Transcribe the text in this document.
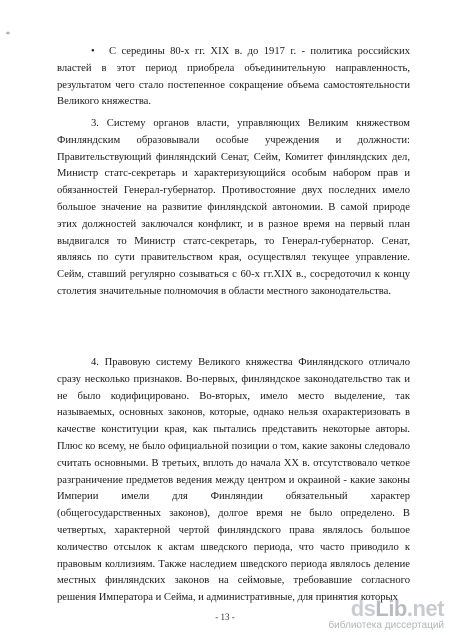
*

• С середины 80-х гг. XIX в. до 1917 г. - политика российских властей в этот период приобрела объединительную направленность, результатом чего стало постепенное сокращение объема самостоятельности Великого княжества.

3. Систему органов власти, управляющих Великим княжеством Финляндским образовывали особые учреждения и должности: Правительствующий финляндский Сенат, Сейм, Комитет финляндских дел, Министр статс-секретарь и характеризующийся особым набором прав и обязанностей Генерал-губернатор. Противостояние двух последних имело большое значение на развитие финляндской автономии. В самой природе этих должностей заключался конфликт, и в разное время на первый план выдвигался то Министр статс-секретарь, то Генерал-губернатор. Сенат, являясь по сути правительством края, осуществлял текущее управление. Сейм, ставший регулярно созываться с 60-х гг.XIX в., сосредоточил к концу столетия значительные полномочия в области местного законодательства.

4. Правовую систему Великого княжества Финляндского отличало сразу несколько признаков. Во-первых, финляндское законодательство так и не было кодифицировано. Во-вторых, имело место выделение, так называемых, основных законов, которые, однако нельзя охарактеризовать в качестве конституции края, как пытались представить некоторые авторы. Плюс ко всему, не было официальной позиции о том, какие законы следовало считать основными. В третьих, вплоть до начала XX в. отсутствовало четкое разграничение предметов ведения между центром и окраиной - какие законы Империи имели для Финляндии обязательный характер (общегосударственных законов), долгое время не было определено. В четвертых, характерной чертой финляндского права являлось большое количество отсылок к актам шведского периода, что часто приводило к правовым коллизиям. Также наследием шведского периода являлось деление местных финляндских законов на сеймовые, требовавшие согласного решения Императора и Сейма, и административные, для принятия которых

- 13 -	dsLib.net
библиотека диссертаций
